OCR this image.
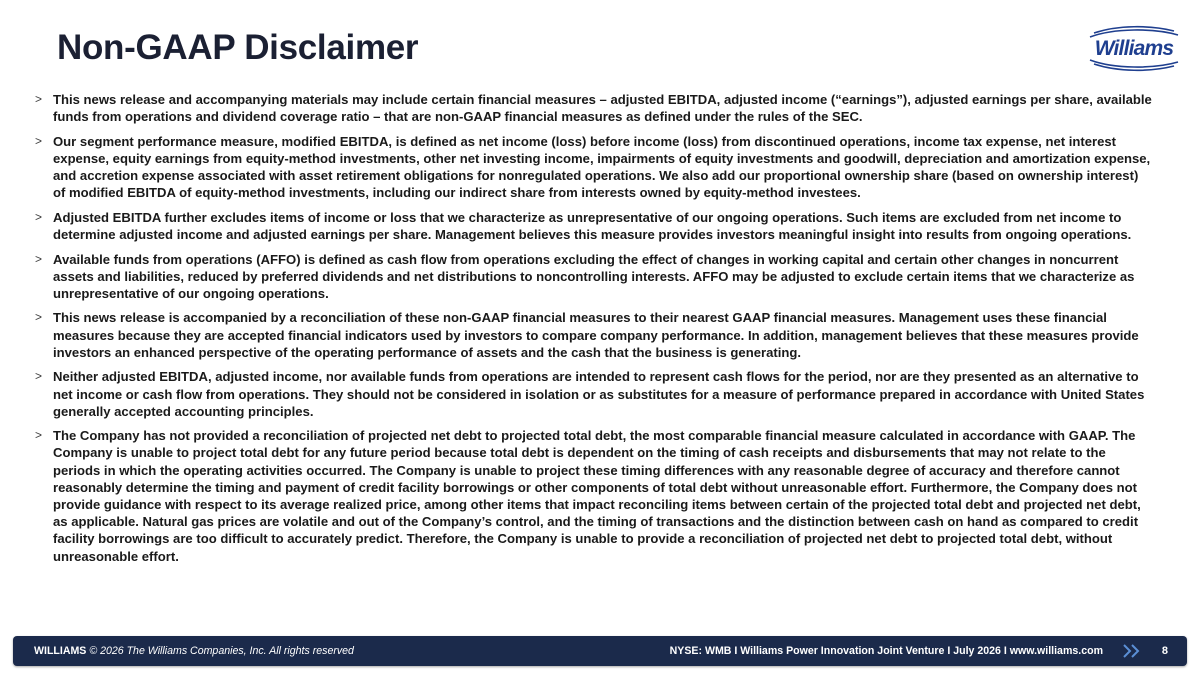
Non-GAAP Disclaimer	Williams
> This news release and accompanying materials may include certain financial measures – adjusted EBITDA, adjusted income (“earnings”), adjusted earnings per share, available funds from operations and dividend coverage ratio – that are non-GAAP financial measures as defined under the rules of the SEC.
> Our segment performance measure, modified EBITDA, is defined as net income (loss) before income (loss) from discontinued operations, income tax expense, net interest expense, equity earnings from equity-method investments, other net investing income, impairments of equity investments and goodwill, depreciation and amortization expense, and accretion expense associated with asset retirement obligations for nonregulated operations. We also add our proportional ownership share (based on ownership interest) of modified EBITDA of equity-method investments, including our indirect share from interests owned by equity-method investees.
> Adjusted EBITDA further excludes items of income or loss that we characterize as unrepresentative of our ongoing operations. Such items are excluded from net income to determine adjusted income and adjusted earnings per share. Management believes this measure provides investors meaningful insight into results from ongoing operations.
> Available funds from operations (AFFO) is defined as cash flow from operations excluding the effect of changes in working capital and certain other changes in noncurrent assets and liabilities, reduced by preferred dividends and net distributions to noncontrolling interests. AFFO may be adjusted to exclude certain items that we characterize as unrepresentative of our ongoing operations.
> This news release is accompanied by a reconciliation of these non-GAAP financial measures to their nearest GAAP financial measures. Management uses these financial measures because they are accepted financial indicators used by investors to compare company performance. In addition, management believes that these measures provide investors an enhanced perspective of the operating performance of assets and the cash that the business is generating.
> Neither adjusted EBITDA, adjusted income, nor available funds from operations are intended to represent cash flows for the period, nor are they presented as an alternative to net income or cash flow from operations. They should not be considered in isolation or as substitutes for a measure of performance prepared in accordance with United States generally accepted accounting principles.
> The Company has not provided a reconciliation of projected net debt to projected total debt, the most comparable financial measure calculated in accordance with GAAP. The Company is unable to project total debt for any future period because total debt is dependent on the timing of cash receipts and disbursements that may not relate to the periods in which the operating activities occurred. The Company is unable to project these timing differences with any reasonable degree of accuracy and therefore cannot reasonably determine the timing and payment of credit facility borrowings or other components of total debt without unreasonable effort. Furthermore, the Company does not provide guidance with respect to its average realized price, among other items that impact reconciling items between certain of the projected total debt and projected net debt, as applicable. Natural gas prices are volatile and out of the Company’s control, and the timing of transactions and the distinction between cash on hand as compared to credit facility borrowings are too difficult to accurately predict. Therefore, the Company is unable to provide a reconciliation of projected net debt to projected total debt, without unreasonable effort.
WILLIAMS © 2026 The Williams Companies, Inc. All rights reserved	NYSE: WMB I Williams Power Innovation Joint Venture I July 2026 I www.williams.com	8
